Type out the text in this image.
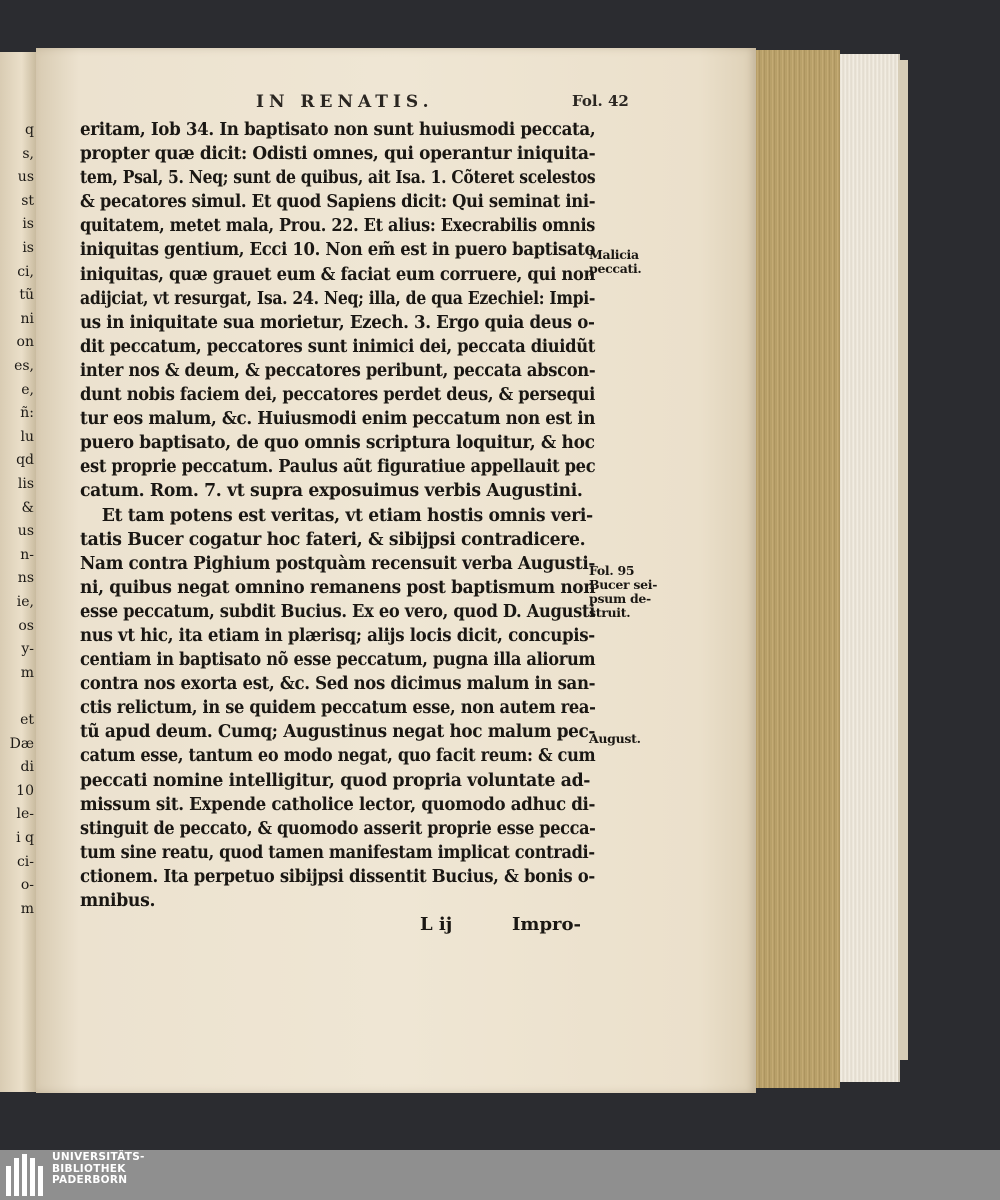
q
s,
us
st
is
is
ci,
tũ
ni
on
es,
e,
ñ:
lu
qd
lis
&
us
n-
ns
ie,
os
y-
m
et
Dæ
di
10
le-
i q
ci-
o-
m
IN RENATIS.	Fol. 42
eritam, Iob 34. In baptisato non sunt huiusmodi peccata,
propter quæ dicit: Odisti omnes, qui operantur iniquita-
tem, Psal, 5. Neq; sunt de quibus, ait Isa. 1. Cõteret scelestos
& pecatores simul. Et quod Sapiens dicit: Qui seminat ini-
quitatem, metet mala, Prou. 22. Et alius: Execrabilis omnis
iniquitas gentium, Ecci 10. Non em̃ est in puero baptisato
iniquitas, quæ grauet eum & faciat eum corruere, qui non
adijciat, vt resurgat, Isa. 24. Neq; illa, de qua Ezechiel: Impi-
us in iniquitate sua morietur, Ezech. 3. Ergo quia deus o-
dit peccatum, peccatores sunt inimici dei, peccata diuidũt
inter nos & deum, & peccatores peribunt, peccata abscon-
dunt nobis faciem dei, peccatores perdet deus, & persequi
tur eos malum, &c. Huiusmodi enim peccatum non est in
puero baptisato, de quo omnis scriptura loquitur, & hoc
est proprie peccatum. Paulus aũt figuratiue appellauit pec
catum. Rom. 7. vt supra exposuimus verbis Augustini.
Et tam potens est veritas, vt etiam hostis omnis veri-
tatis Bucer cogatur hoc fateri, & sibijpsi contradicere.
Nam contra Pighium postquàm recensuit verba Augusti-
ni, quibus negat omnino remanens post baptismum non
esse peccatum, subdit Bucius. Ex eo vero, quod D. Augusti
nus vt hic, ita etiam in plærisq; alijs locis dicit, concupis-
centiam in baptisato nõ esse peccatum, pugna illa aliorum
contra nos exorta est, &c. Sed nos dicimus malum in san-
ctis relictum, in se quidem peccatum esse, non autem rea-
tũ apud deum. Cumq; Augustinus negat hoc malum pec-
catum esse, tantum eo modo negat, quo facit reum: & cum
peccati nomine intelligitur, quod propria voluntate ad-
missum sit. Expende catholice lector, quomodo adhuc di-
stinguit de peccato, & quomodo asserit proprie esse pecca-
tum sine reatu, quod tamen manifestam implicat contradi-
ctionem. Ita perpetuo sibijpsi dissentit Bucius, & bonis o-
mnibus.
Malicia
peccati.
Fol. 95
Bucer sei-
psum de-
struit.
August.
L ij	Impro-
UNIVERSITÄTS-
BIBLIOTHEK
PADERBORN
